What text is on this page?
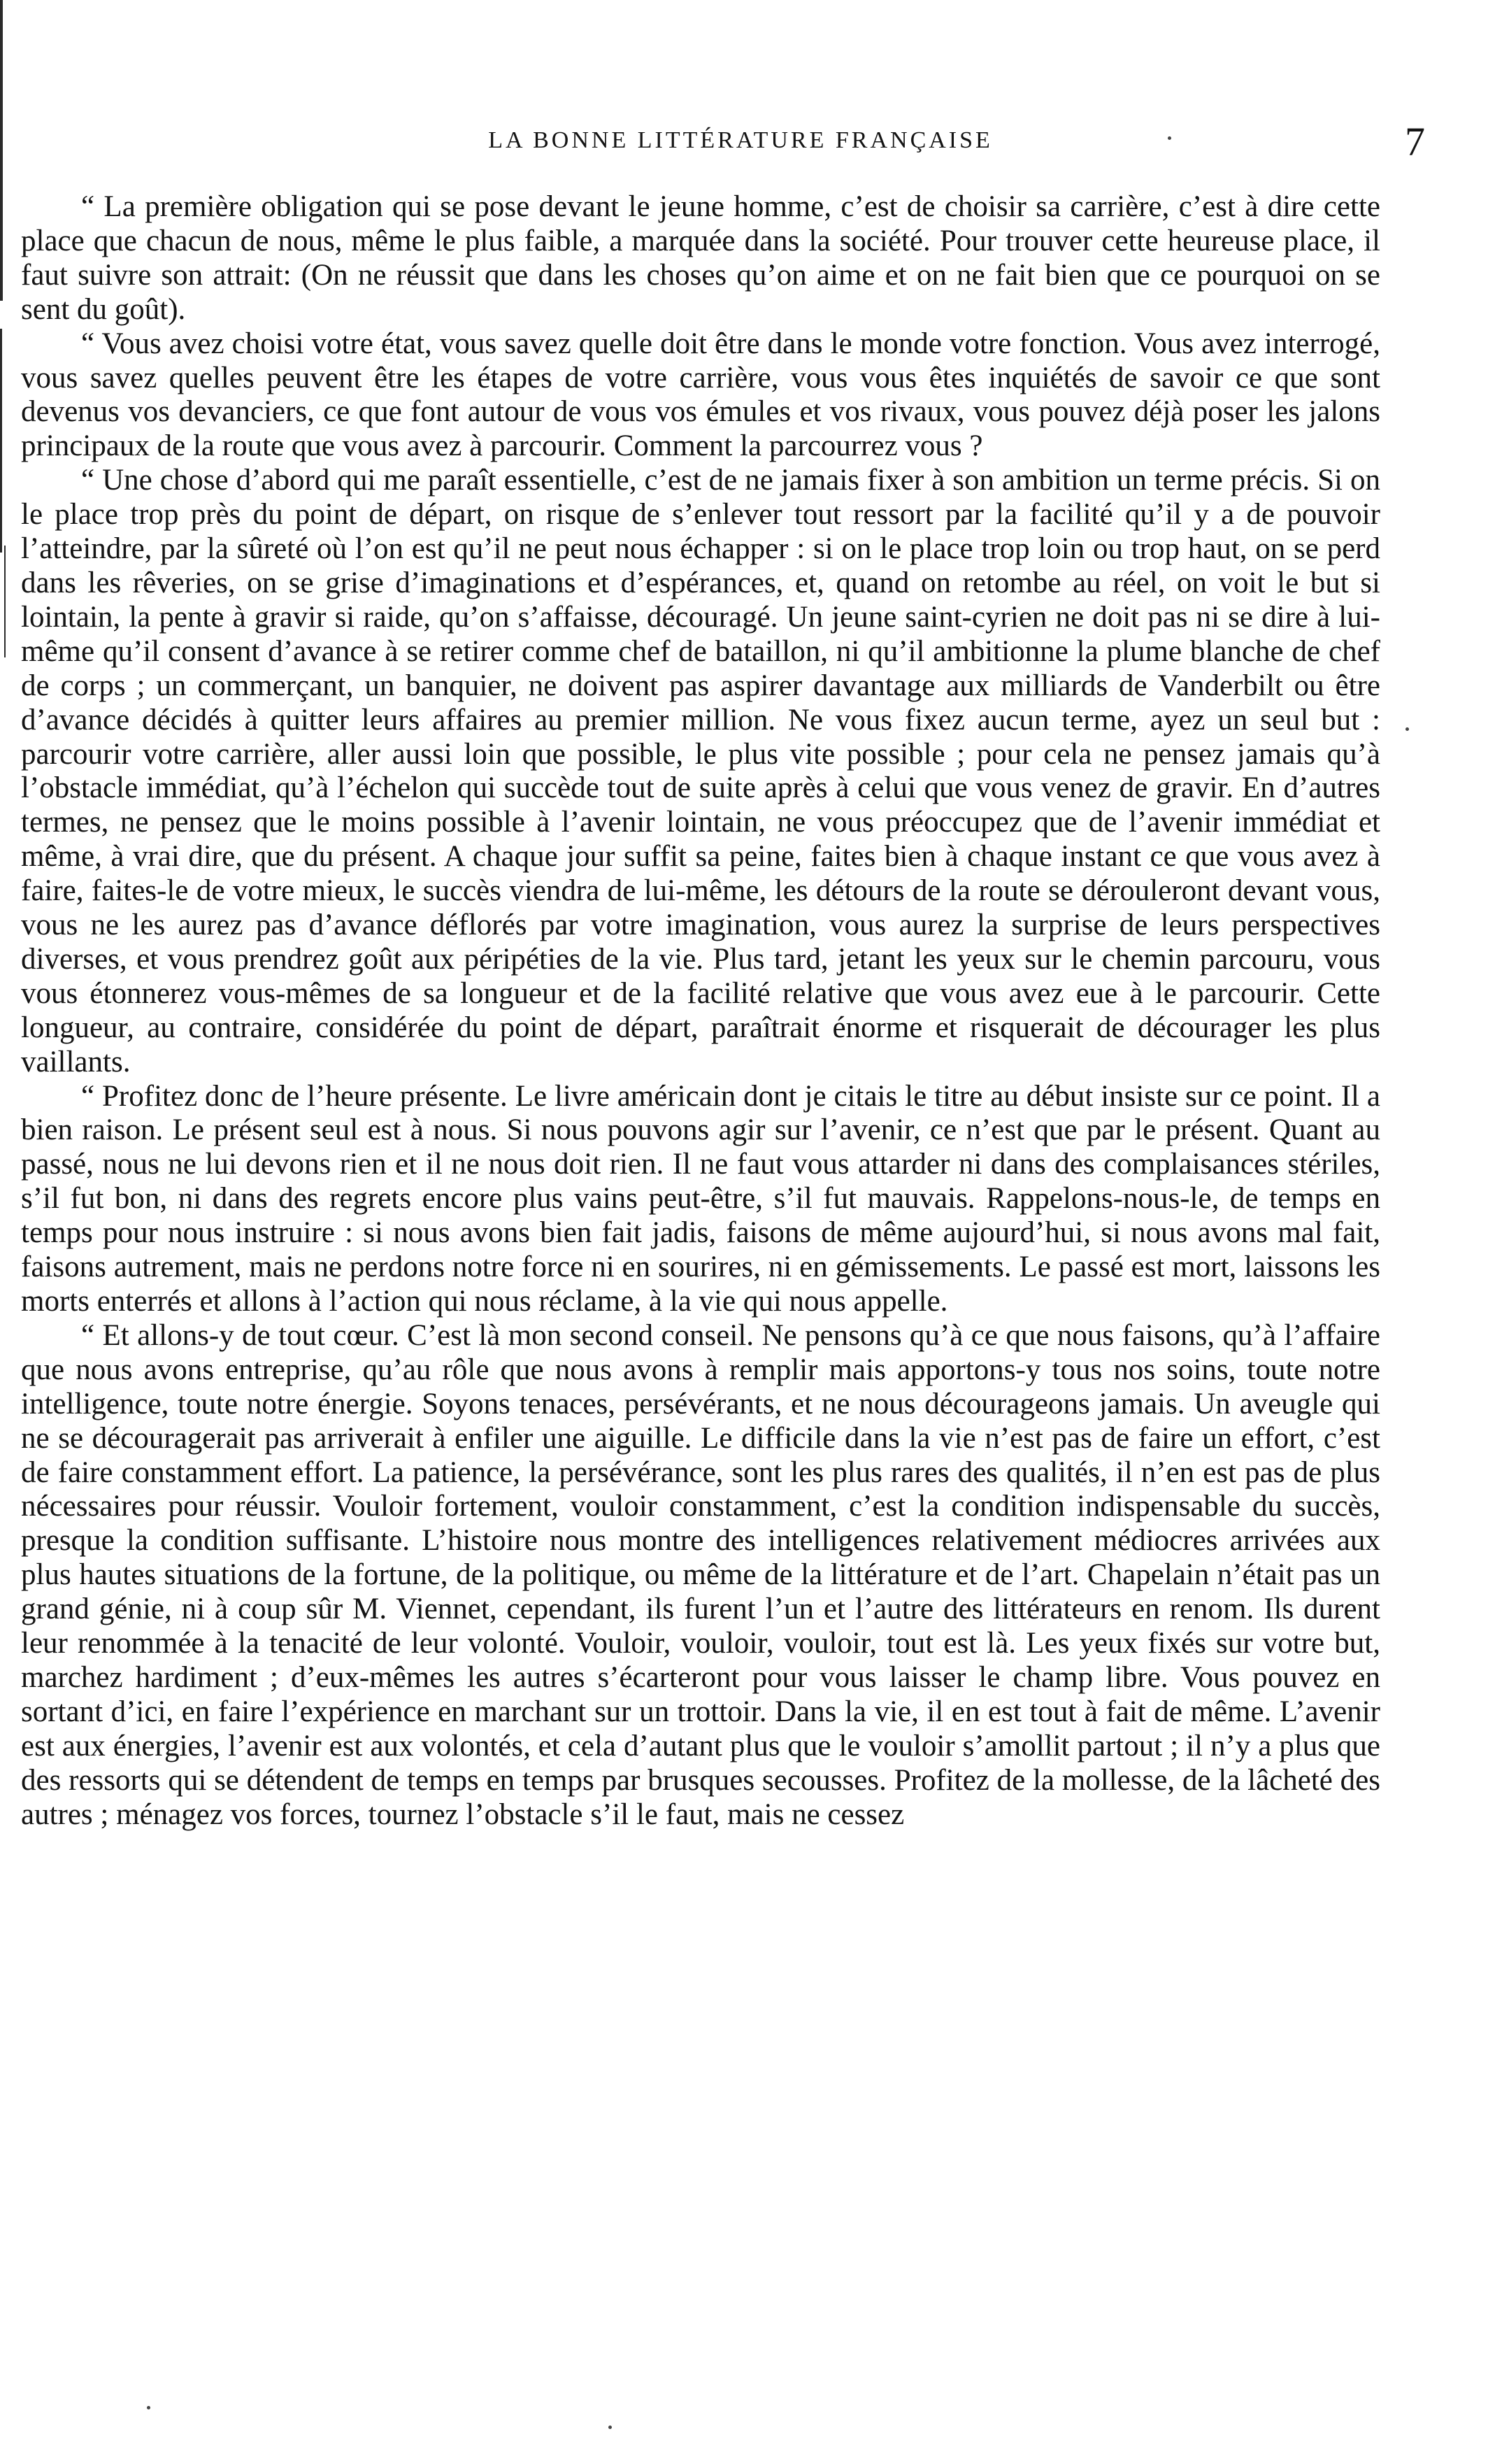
LA BONNE LITTÉRATURE FRANÇAISE	7

“ La première obligation qui se pose devant le jeune homme, c’est de choisir sa carrière, c’est à dire cette place que chacun de nous, même le plus faible, a marquée dans la société. Pour trouver cette heureuse place, il faut suivre son attrait: (On ne réussit que dans les choses qu’on aime et on ne fait bien que ce pourquoi on se sent du goût).

“ Vous avez choisi votre état, vous savez quelle doit être dans le monde votre fonction. Vous avez interrogé, vous savez quelles peuvent être les étapes de votre carrière, vous vous êtes inquiétés de savoir ce que sont devenus vos devanciers, ce que font autour de vous vos émules et vos rivaux, vous pouvez déjà poser les jalons principaux de la route que vous avez à parcourir. Comment la parcourrez vous ?

“ Une chose d’abord qui me paraît essentielle, c’est de ne jamais fixer à son ambition un terme précis. Si on le place trop près du point de départ, on risque de s’enlever tout ressort par la facilité qu’il y a de pouvoir l’atteindre, par la sûreté où l’on est qu’il ne peut nous échapper : si on le place trop loin ou trop haut, on se perd dans les rêveries, on se grise d’imaginations et d’espérances, et, quand on retombe au réel, on voit le but si lointain, la pente à gravir si raide, qu’on s’affaisse, découragé. Un jeune saint-cyrien ne doit pas ni se dire à lui-même qu’il consent d’avance à se retirer comme chef de bataillon, ni qu’il ambitionne la plume blanche de chef de corps ; un commerçant, un banquier, ne doivent pas aspirer davantage aux milliards de Vanderbilt ou être d’avance décidés à quitter leurs affaires au premier million. Ne vous fixez aucun terme, ayez un seul but : parcourir votre carrière, aller aussi loin que possible, le plus vite possible ; pour cela ne pensez jamais qu’à l’obstacle immédiat, qu’à l’échelon qui succède tout de suite après à celui que vous venez de gravir. En d’autres termes, ne pensez que le moins possible à l’avenir lointain, ne vous préoccupez que de l’avenir immédiat et même, à vrai dire, que du présent. A chaque jour suffit sa peine, faites bien à chaque instant ce que vous avez à faire, faites-le de votre mieux, le succès viendra de lui-même, les détours de la route se dérouleront devant vous, vous ne les aurez pas d’avance déflorés par votre imagination, vous aurez la surprise de leurs perspectives diverses, et vous prendrez goût aux péripéties de la vie. Plus tard, jetant les yeux sur le chemin parcouru, vous vous étonnerez vous-mêmes de sa longueur et de la facilité relative que vous avez eue à le parcourir. Cette longueur, au contraire, considérée du point de départ, paraîtrait énorme et risquerait de décourager les plus vaillants.

“ Profitez donc de l’heure présente. Le livre américain dont je citais le titre au début insiste sur ce point. Il a bien raison. Le présent seul est à nous. Si nous pouvons agir sur l’avenir, ce n’est que par le présent. Quant au passé, nous ne lui devons rien et il ne nous doit rien. Il ne faut vous attarder ni dans des complaisances stériles, s’il fut bon, ni dans des regrets encore plus vains peut-être, s’il fut mauvais. Rappelons-nous-le, de temps en temps pour nous instruire : si nous avons bien fait jadis, faisons de même aujourd’hui, si nous avons mal fait, faisons autrement, mais ne perdons notre force ni en sourires, ni en gémissements. Le passé est mort, laissons les morts enterrés et allons à l’action qui nous réclame, à la vie qui nous appelle.

“ Et allons-y de tout cœur. C’est là mon second conseil. Ne pensons qu’à ce que nous faisons, qu’à l’affaire que nous avons entreprise, qu’au rôle que nous avons à remplir mais apportons-y tous nos soins, toute notre intelligence, toute notre énergie. Soyons tenaces, persévérants, et ne nous décourageons jamais. Un aveugle qui ne se découragerait pas arriverait à enfiler une aiguille. Le difficile dans la vie n’est pas de faire un effort, c’est de faire constamment effort. La patience, la persévérance, sont les plus rares des qualités, il n’en est pas de plus nécessaires pour réussir. Vouloir fortement, vouloir constamment, c’est la condition indispensable du succès, presque la condition suffisante. L’histoire nous montre des intelligences relativement médiocres arrivées aux plus hautes situations de la fortune, de la politique, ou même de la littérature et de l’art. Chapelain n’était pas un grand génie, ni à coup sûr M. Viennet, cependant, ils furent l’un et l’autre des littérateurs en renom. Ils durent leur renommée à la tenacité de leur volonté. Vouloir, vouloir, vouloir, tout est là. Les yeux fixés sur votre but, marchez hardiment ; d’eux-mêmes les autres s’écarteront pour vous laisser le champ libre. Vous pouvez en sortant d’ici, en faire l’expérience en marchant sur un trottoir. Dans la vie, il en est tout à fait de même. L’avenir est aux énergies, l’avenir est aux volontés, et cela d’autant plus que le vouloir s’amollit partout ; il n’y a plus que des ressorts qui se détendent de temps en temps par brusques secousses. Profitez de la mollesse, de la lâcheté des autres ; ménagez vos forces, tournez l’obstacle s’il le faut, mais ne cessez
